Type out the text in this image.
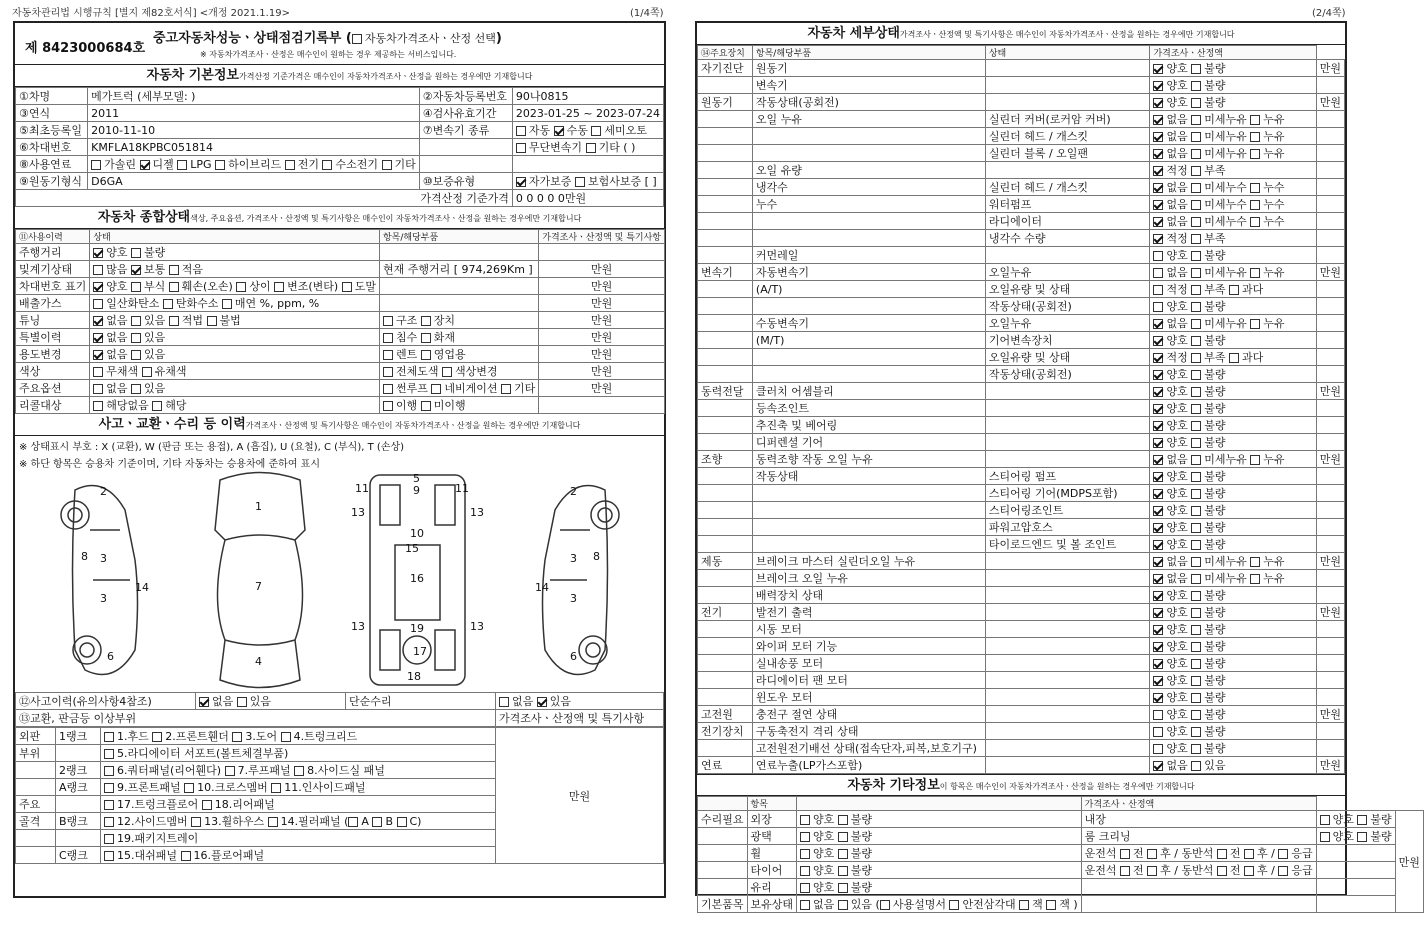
자동차관리법 시행규칙 [별지 제82호서식] <개정 2021.1.19>	(1/4쪽)	(2/4쪽)
제 8423000684호
중고자동차성능ㆍ상태점검기록부 ( 자동차가격조사ㆍ산정 선택)
※ 자동차가격조사ㆍ산정은 매수인이 원하는 경우 제공하는 서비스입니다.
자동차 기본정보가격산정 기준가격은 매수인이 자동차가격조사ㆍ산정을 원하는 경우에만 기재합니다
①차명	메가트럭 (세부모델: )	②자동차등록번호	90나0815
③연식	2011	④검사유효기간	2023-01-25 ~ 2023-07-24
⑤최초등록일	2010-11-10	⑦변속기 종류	자동 수동 세미오토
⑥차대번호	KMFLA18KPBC051814		무단변속기 기타 ( )
⑧사용연료	가솔린 디젤 LPG 하이브리드 전기 수소전기 기타		
⑨원동기형식	D6GA	⑩보증유형	자가보증 보험사보증 [ ]
가격산정 기준가격			0 0 0 0 0만원
자동차 종합상태색상, 주요옵션, 가격조사ㆍ산정액 및 특기사항은 매수인이 자동차가격조사ㆍ산정을 원하는 경우에만 기재합니다
⑪사용이력	상태	항목/해당부품	가격조사ㆍ산정액 및 특기사항
주행거리	양호 불량		
및계기상태	많음 보통 적음	현재 주행거리 [ 974,269Km ]	만원
차대번호 표기	양호 부식 훼손(오손) 상이 변조(변타) 도말		만원
배출가스	일산화탄소 탄화수소 매연 %, ppm, %		만원
튜닝	없음 있음 적법 불법	구조 장치	만원
특별이력	없음 있음	침수 화재	만원
용도변경	없음 있음	렌트 영업용	만원
색상	무채색 유채색	전체도색 색상변경	만원
주요옵션	없음 있음	썬루프 네비게이션 기타	만원
리콜대상	해당없음 해당	이행 미이행	
사고ㆍ교환ㆍ수리 등 이력가격조사ㆍ산정액 및 특기사항은 매수인이 자동차가격조사ㆍ산정을 원하는 경우에만 기재합니다
※ 상태표시 부호 : X (교환), W (판금 또는 용접), A (흠집), U (요철), C (부식), T (손상)
※ 하단 항목은 승용차 기준이며, 기타 자동차는 승용차에 준하여 표시
2
3
3
8
14
6
1
7
4
5
9
11	11
13	13
10
15
16
13	13
19
17
18
2
3
3
8
14
6
⑫사고이력(유의사항4참조)	없음 있음	단순수리	없음 있음
⑬교환, 판금등 이상부위			가격조사ㆍ산정액 및 특기사항
외판	1랭크	1.후드 2.프론트휀더 3.도어 4.트렁크리드	만원
부위		5.라디에이터 서포트(볼트체결부품)	
	2랭크	6.쿼터패널(리어휀다) 7.루프패널 8.사이드실 패널	
	A랭크	9.프론트패널 10.크로스멤버 11.인사이드패널	
주요		17.트렁크플로어 18.리어패널	
골격	B랭크	12.사이드멤버 13.휠하우스 14.필러패널 ( A B C)	
		19.패키지트레이	
	C랭크	15.대쉬패널 16.플로어패널	
자동차 세부상태가격조사ㆍ산정액 및 특기사항은 매수인이 자동차가격조사ㆍ산정을 원하는 경우에만 기재합니다
⑭주요장치	항목/해당부품	상태	가격조사ㆍ산정액	
자기진단	원동기		양호 불량	만원
	변속기		양호 불량	
원동기	작동상태(공회전)		양호 불량	만원
	오일 누유	실린더 커버(로커암 커버)	없음 미세누유 누유	
		실린더 헤드 / 개스킷	없음 미세누유 누유	
		실린더 블록 / 오일팬	없음 미세누유 누유	
	오일 유량		적정 부족	
	냉각수	실린더 헤드 / 개스킷	없음 미세누수 누수	
	누수	워터펌프	없음 미세누수 누수	
		라디에이터	없음 미세누수 누수	
		냉각수 수량	적정 부족	
	커먼레일		양호 불량	
변속기	자동변속기	오일누유	없음 미세누유 누유	만원
	(A/T)	오일유량 및 상태	적정 부족 과다	
		작동상태(공회전)	양호 불량	
	수동변속기	오일누유	없음 미세누유 누유	
	(M/T)	기어변속장치	양호 불량	
		오일유량 및 상태	적정 부족 과다	
		작동상태(공회전)	양호 불량	
동력전달	클러치 어셈블리		양호 불량	만원
	등속조인트		양호 불량	
	추진축 및 베어링		양호 불량	
	디퍼렌셜 기어		양호 불량	
조향	동력조향 작동 오일 누유		없음 미세누유 누유	만원
	작동상태	스티어링 펌프	양호 불량	
		스티어링 기어(MDPS포함)	양호 불량	
		스티어링조인트	양호 불량	
		파워고압호스	양호 불량	
		타이로드엔드 및 볼 조인트	양호 불량	
제동	브레이크 마스터 실린더오일 누유		없음 미세누유 누유	만원
	브레이크 오일 누유		없음 미세누유 누유	
	배력장치 상태		양호 불량	
전기	발전기 출력		양호 불량	만원
	시동 모터		양호 불량	
	와이퍼 모터 기능		양호 불량	
	실내송풍 모터		양호 불량	
	라디에이터 팬 모터		양호 불량	
	윈도우 모터		양호 불량	
고전원	충전구 절연 상태		양호 불량	만원
전기장치	구동축전지 격리 상태		양호 불량	
	고전원전기배선 상태(접속단자,피복,보호기구)		양호 불량	
연료	연료누출(LP가스포함)		없음 있음	만원
자동차 기타정보이 항목은 매수인이 자동차가격조사ㆍ산정을 원하는 경우에만 기재합니다
	항목		가격조사ㆍ산정액		
수리필요	외장	양호 불량	내장	양호 불량	만원
	광택	양호 불량	룸 크리닝	양호 불량	
	휠	양호 불량	운전석 전 후 / 동반석 전 후 / 응급		
	타이어	양호 불량	운전석 전 후 / 동반석 전 후 / 응급		
	유리	양호 불량			
기본품목	보유상태	없음 있음 ( 사용설명서 안전삼각대 잭 잭 )			
